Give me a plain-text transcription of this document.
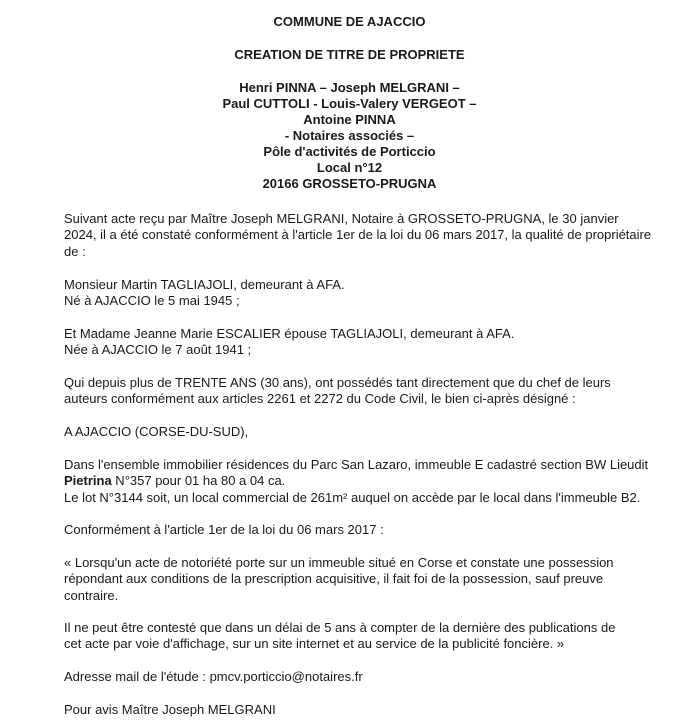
COMMUNE DE AJACCIO
CREATION DE TITRE DE PROPRIETE
Henri PINNA – Joseph MELGRANI –
Paul CUTTOLI - Louis-Valery VERGEOT –
Antoine PINNA
- Notaires associés –
Pôle d'activités de Porticcio
Local n°12
20166 GROSSETO-PRUGNA
Suivant acte reçu par Maître Joseph MELGRANI, Notaire à GROSSETO-PRUGNA, le 30 janvier
2024, il a été constaté conformément à l'article 1er de la loi du 06 mars 2017, la qualité de propriétaire
de :
Monsieur Martin TAGLIAJOLI, demeurant à AFA.
Né à AJACCIO le 5 mai 1945 ;
Et Madame Jeanne Marie ESCALIER épouse TAGLIAJOLI, demeurant à AFA.
Née à AJACCIO le 7 août 1941 ;
Qui depuis plus de TRENTE ANS (30 ans), ont possédés tant directement que du chef de leurs
auteurs conformément aux articles 2261 et 2272 du Code Civil, le bien ci-après désigné :
A AJACCIO (CORSE-DU-SUD),
Dans l'ensemble immobilier résidences du Parc San Lazaro, immeuble E cadastré section BW Lieudit
Pietrina N°357 pour 01 ha 80 a 04 ca.
Le lot N°3144 soit, un local commercial de 261m² auquel on accède par le local dans l'immeuble B2.
Conformément à l'article 1er de la loi du 06 mars 2017 :
« Lorsqu'un acte de notoriété porte sur un immeuble situé en Corse et constate une possession
répondant aux conditions de la prescription acquisitive, il fait foi de la possession, sauf preuve
contraire.
Il ne peut être contesté que dans un délai de 5 ans à compter de la dernière des publications de
cet acte par voie d'affichage, sur un site internet et au service de la publicité foncière. »
Adresse mail de l'étude : pmcv.porticcio@notaires.fr
Pour avis Maître Joseph MELGRANI
